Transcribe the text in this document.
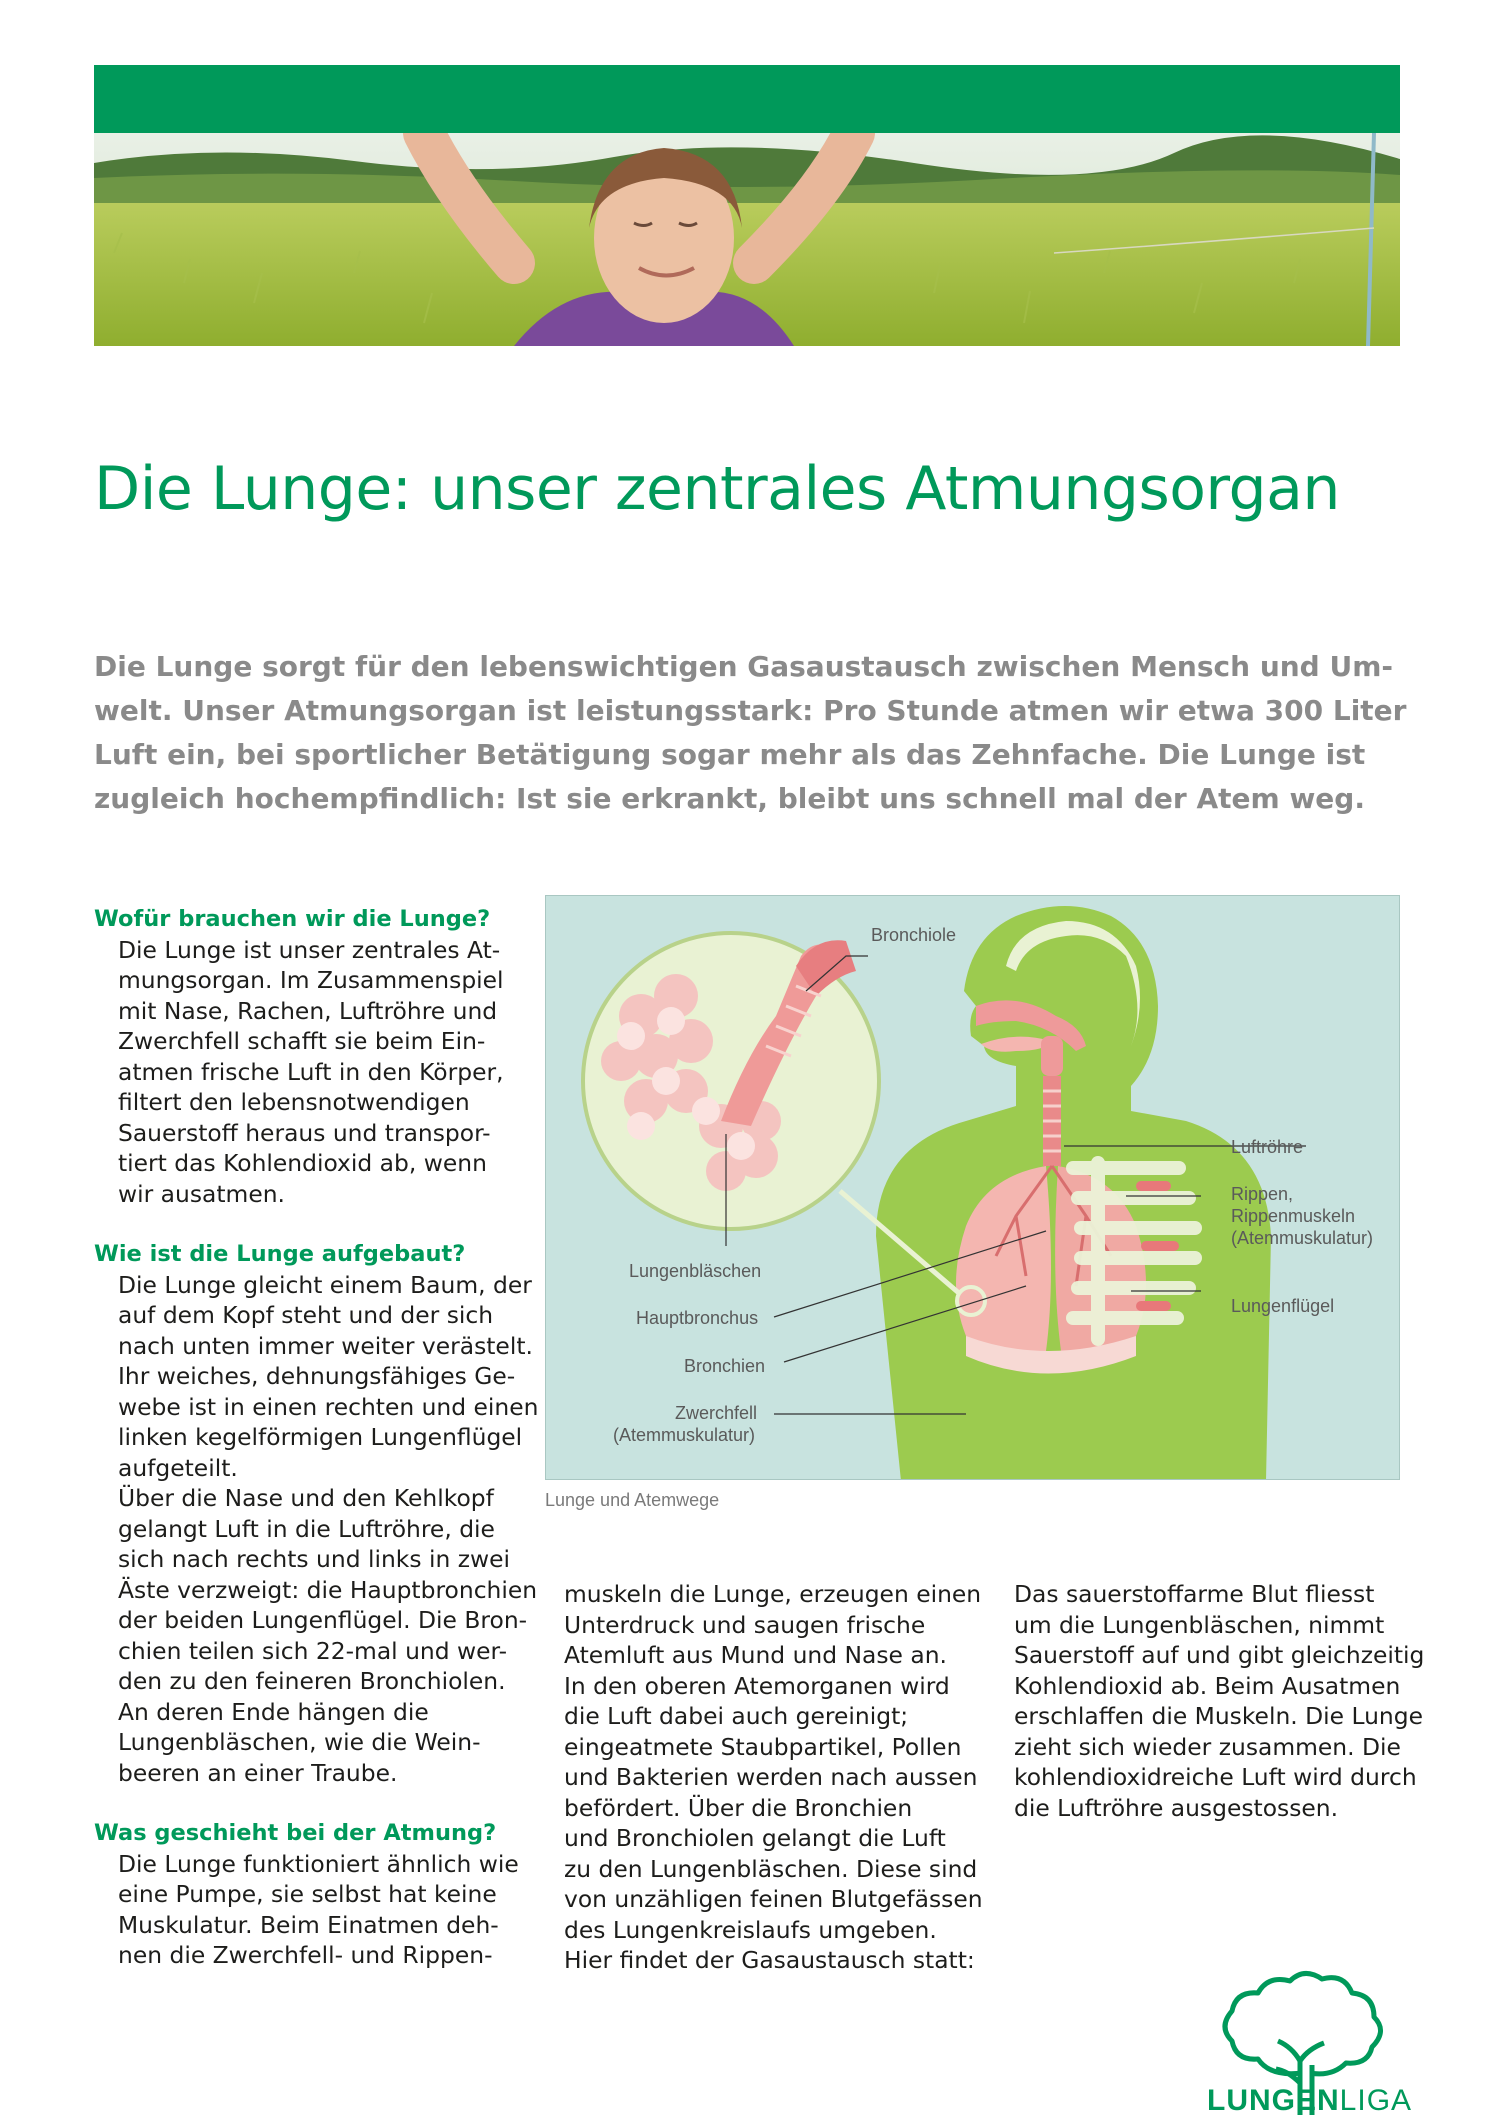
Die Lunge: unser zentrales Atmungsorgan
Die Lunge sorgt für den lebenswichtigen Gasaustausch zwischen Mensch und Um-
welt. Unser Atmungsorgan ist leistungsstark: Pro Stunde atmen wir etwa 300 Liter
Luft ein, bei sportlicher Betätigung sogar mehr als das Zehnfache. Die Lunge ist
zugleich hochempfindlich: Ist sie erkrankt, bleibt uns schnell mal der Atem weg.
Wofür brauchen wir die Lunge?
Die Lunge ist unser zentrales At-
mungsorgan. Im Zusammenspiel
mit Nase, Rachen, Luftröhre und
Zwerchfell schafft sie beim Ein-
atmen frische Luft in den Körper,
filtert den lebensnotwendigen
Sauerstoff heraus und transpor-
tiert das Kohlendioxid ab, wenn
wir ausatmen.
Wie ist die Lunge aufgebaut?
Die Lunge gleicht einem Baum, der
auf dem Kopf steht und der sich
nach unten immer weiter verästelt.
Ihr weiches, dehnungsfähiges Ge-
webe ist in einen rechten und einen
linken kegelförmigen Lungenflügel
aufgeteilt.
Über die Nase und den Kehlkopf
gelangt Luft in die Luftröhre, die
sich nach rechts und links in zwei
Äste verzweigt: die Hauptbronchien
der beiden Lungenflügel. Die Bron-
chien teilen sich 22-mal und wer-
den zu den feineren Bronchiolen.
An deren Ende hängen die
Lungenbläschen, wie die Wein-
beeren an einer Traube.
Was geschieht bei der Atmung?
Die Lunge funktioniert ähnlich wie
eine Pumpe, sie selbst hat keine
Muskulatur. Beim Einatmen deh-
nen die Zwerchfell- und Rippen-
muskeln die Lunge, erzeugen einen
Unterdruck und saugen frische
Atemluft aus Mund und Nase an.
In den oberen Atemorganen wird
die Luft dabei auch gereinigt;
eingeatmete Staubpartikel, Pollen
und Bakterien werden nach aussen
befördert. Über die Bronchien
und Bronchiolen gelangt die Luft
zu den Lungenbläschen. Diese sind
von unzähligen feinen Blutgefässen
des Lungenkreislaufs umgeben.
Hier findet der Gasaustausch statt:
Das sauerstoffarme Blut fliesst
um die Lungenbläschen, nimmt
Sauerstoff auf und gibt gleichzeitig
Kohlendioxid ab. Beim Ausatmen
erschlaffen die Muskeln. Die Lunge
zieht sich wieder zusammen. Die
kohlendioxidreiche Luft wird durch
die Luftröhre ausgestossen.
Bronchiole
Luftröhre
Rippen,
Rippenmuskeln
(Atemmuskulatur)
Lungenflügel
Lungenbläschen
Hauptbronchus
Bronchien
Zwerchfell
(Atemmuskulatur)

Lunge und Atemwege

LUNGENLIGA
